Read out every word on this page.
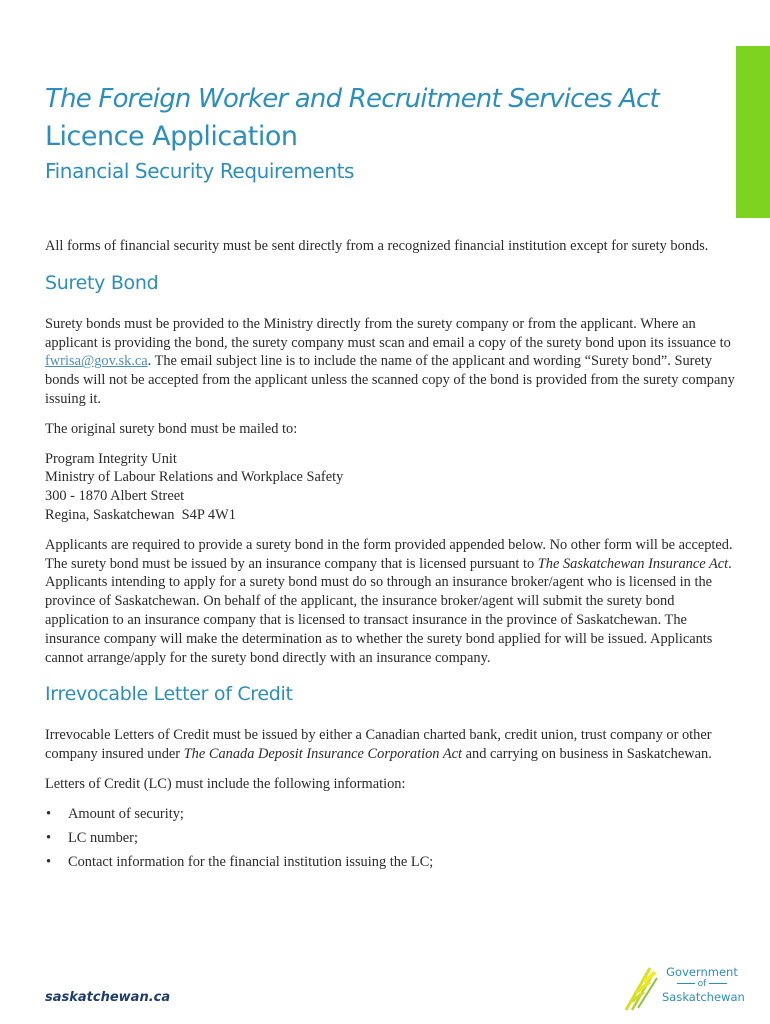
The Foreign Worker and Recruitment Services Act
Licence Application
Financial Security Requirements

All forms of financial security must be sent directly from a recognized financial institution except for surety bonds.

Surety Bond

Surety bonds must be provided to the Ministry directly from the surety company or from the applicant. Where an applicant is providing the bond, the surety company must scan and email a copy of the surety bond upon its issuance to fwrisa@gov.sk.ca. The email subject line is to include the name of the applicant and wording “Surety bond”. Surety bonds will not be accepted from the applicant unless the scanned copy of the bond is provided from the surety company issuing it.

The original surety bond must be mailed to:

Program Integrity Unit
Ministry of Labour Relations and Workplace Safety
300 - 1870 Albert Street
Regina, Saskatchewan  S4P 4W1

Applicants are required to provide a surety bond in the form provided appended below. No other form will be accepted. The surety bond must be issued by an insurance company that is licensed pursuant to The Saskatchewan Insurance Act. Applicants intending to apply for a surety bond must do so through an insurance broker/agent who is licensed in the province of Saskatchewan. On behalf of the applicant, the insurance broker/agent will submit the surety bond application to an insurance company that is licensed to transact insurance in the province of Saskatchewan. The insurance company will make the determination as to whether the surety bond applied for will be issued. Applicants cannot arrange/apply for the surety bond directly with an insurance company.

Irrevocable Letter of Credit

Irrevocable Letters of Credit must be issued by either a Canadian charted bank, credit union, trust company or other company insured under The Canada Deposit Insurance Corporation Act and carrying on business in Saskatchewan.

Letters of Credit (LC) must include the following information:

• Amount of security;
• LC number;
• Contact information for the financial institution issuing the LC;
saskatchewan.ca
Government
of
Saskatchewan
